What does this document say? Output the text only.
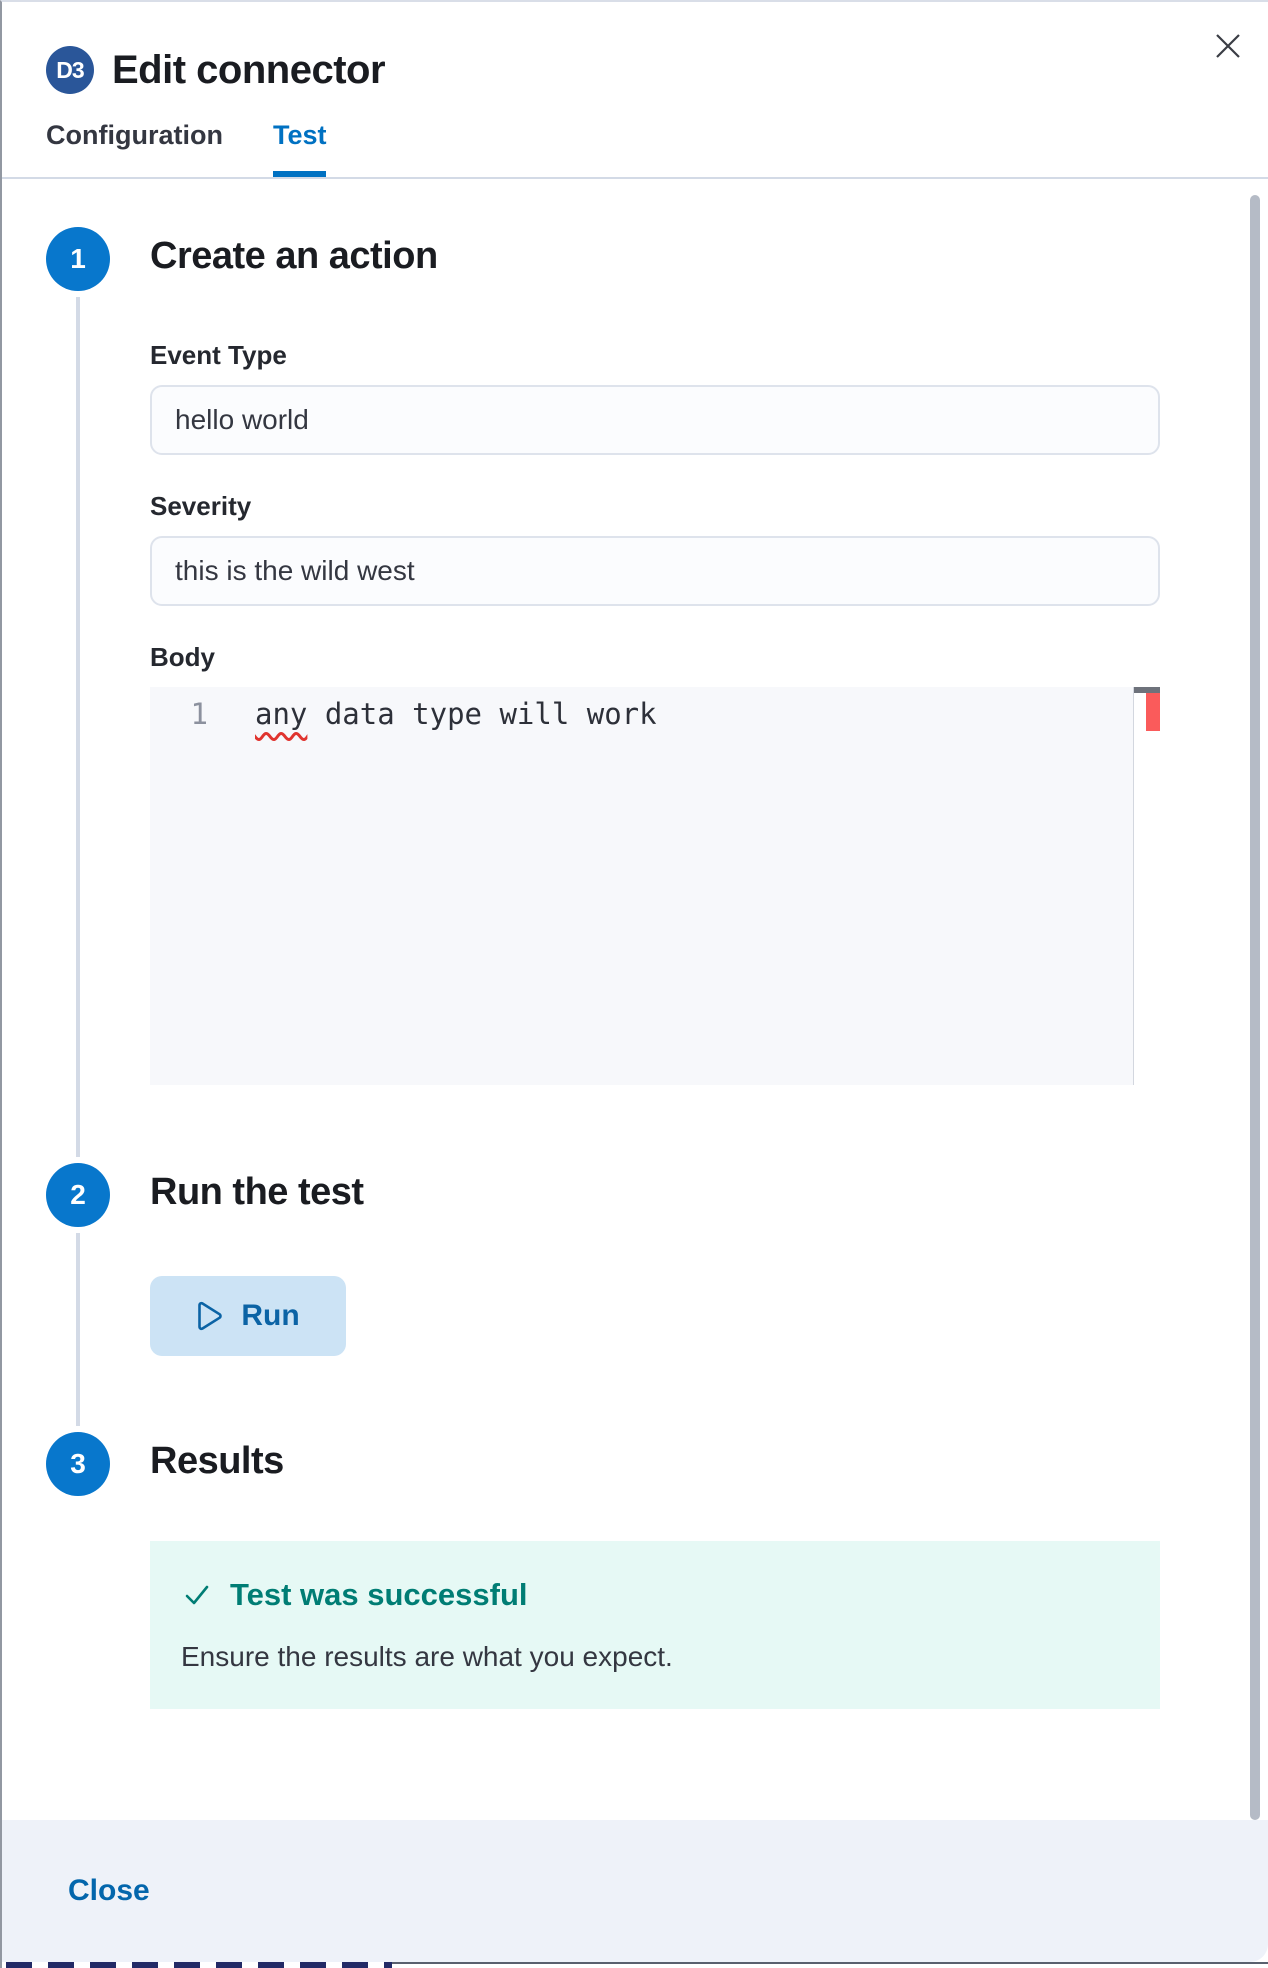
D3 Edit connector
Configuration Test
1	Create an action
Event Type
hello world
Severity
this is the wild west
Body
1 any data type will work
2	Run the test
Run
3	Results
Test was successful
Ensure the results are what you expect.
Close
